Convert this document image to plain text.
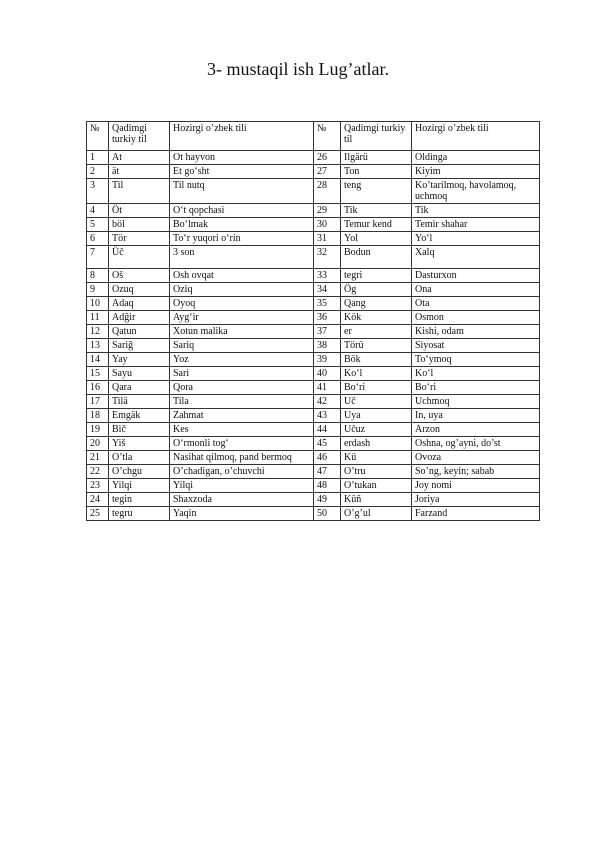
3- mustaqil ish Lug’atlar.
№	Qadimgi turkiy til	Hozirgi o’zbek tili	№	Qadimgi turkiy til	Hozirgi o’zbek tili
1	At	Ot hayvon	26	Ilgärü	Oldinga
2	ät	Et go‘sht	27	Ton	Kiyim
3	Til	Til nutq	28	teng	Ko’tarilmoq, havolamoq, uchmoq
4	Öt	O‘t qopchasi	29	Tik	Tik
5	böl	Bo‘lmak	30	Temur kend	Temir shahar
6	Tör	To‘r yuqori o‘rin	31	Yol	Yo‘l
7	Üč	3 son	32	Bodun	Xalq
8	Oš	Osh ovqat	33	tegri	Dasturxon
9	Ozuq	Oziq	34	Ög	Ona
10	Adaq	Oyoq	35	Qang	Ota
11	Adğir	Ayg‘ir	36	Kök	Osmon
12	Qatun	Xotun malika	37	er	Kishi, odam
13	Sariğ	Sariq	38	Törü	Siyosat
14	Yay	Yoz	39	Bök	To‘ymoq
15	Sayu	Sari	40	Ko‘l	Ko‘l
16	Qara	Qora	41	Bo‘ri	Bo‘ri
17	Tilä	Tila	42	Uč	Uchmoq
18	Emgäk	Zahmat	43	Uya	In, uya
19	Bič	Kes	44	Učuz	Arzon
20	Yiš	O‘rmonli tog‘	45	erdash	Oshna, og’ayni, do’st
21	O’tla	Nasihat qilmoq, pand bermoq	46	Kü	Ovoza
22	O’chgu	O’chadigan, o’chuvchi	47	O’tru	So’ng, keyin; sabab
23	Yilqi	Yilqi	48	O’tukan	Joy nomi
24	tegin	Shaxzoda	49	Küñ	Joriya
25	tegru	Yaqin	50	O’g’ul	Farzand
